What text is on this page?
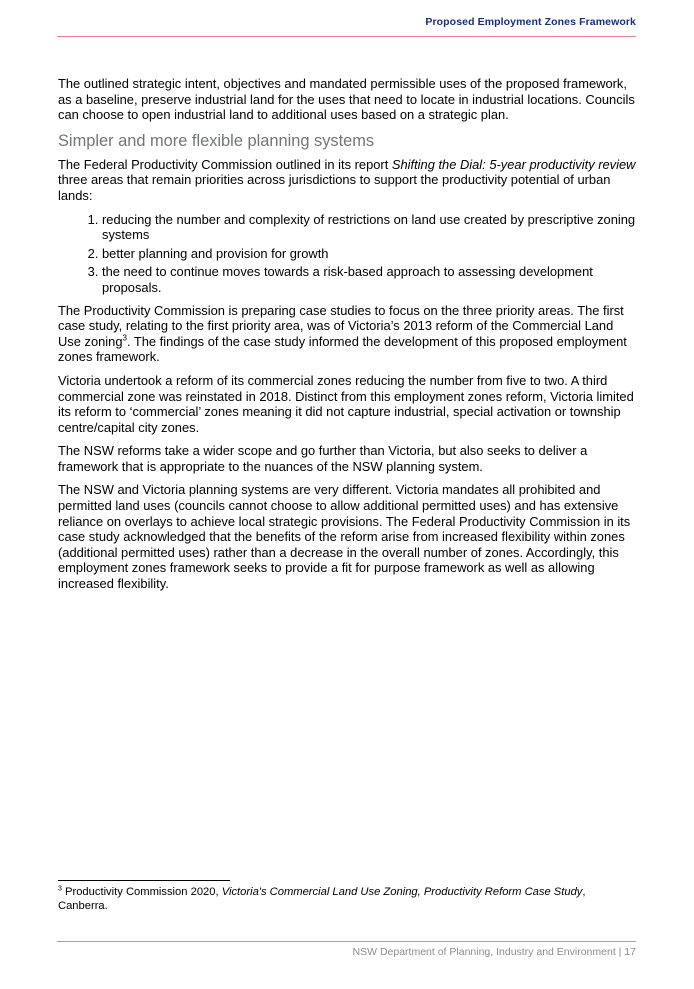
Proposed Employment Zones Framework

The outlined strategic intent, objectives and mandated permissible uses of the proposed framework, as a baseline, preserve industrial land for the uses that need to locate in industrial locations. Councils can choose to open industrial land to additional uses based on a strategic plan.

Simpler and more flexible planning systems

The Federal Productivity Commission outlined in its report Shifting the Dial: 5-year productivity review three areas that remain priorities across jurisdictions to support the productivity potential of urban lands:

1. reducing the number and complexity of restrictions on land use created by prescriptive zoning systems
2. better planning and provision for growth
3. the need to continue moves towards a risk-based approach to assessing development proposals.

The Productivity Commission is preparing case studies to focus on the three priority areas. The first case study, relating to the first priority area, was of Victoria’s 2013 reform of the Commercial Land Use zoning$^3$. The findings of the case study informed the development of this proposed employment zones framework.

Victoria undertook a reform of its commercial zones reducing the number from five to two. A third commercial zone was reinstated in 2018. Distinct from this employment zones reform, Victoria limited its reform to ‘commercial’ zones meaning it did not capture industrial, special activation or township centre/capital city zones.

The NSW reforms take a wider scope and go further than Victoria, but also seeks to deliver a framework that is appropriate to the nuances of the NSW planning system.

The NSW and Victoria planning systems are very different. Victoria mandates all prohibited and permitted land uses (councils cannot choose to allow additional permitted uses) and has extensive reliance on overlays to achieve local strategic provisions. The Federal Productivity Commission in its case study acknowledged that the benefits of the reform arise from increased flexibility within zones (additional permitted uses) rather than a decrease in the overall number of zones. Accordingly, this employment zones framework seeks to provide a fit for purpose framework as well as allowing increased flexibility.

$^3$ Productivity Commission 2020, Victoria's Commercial Land Use Zoning, Productivity Reform Case Study, Canberra.
NSW Department of Planning, Industry and Environment | 17
